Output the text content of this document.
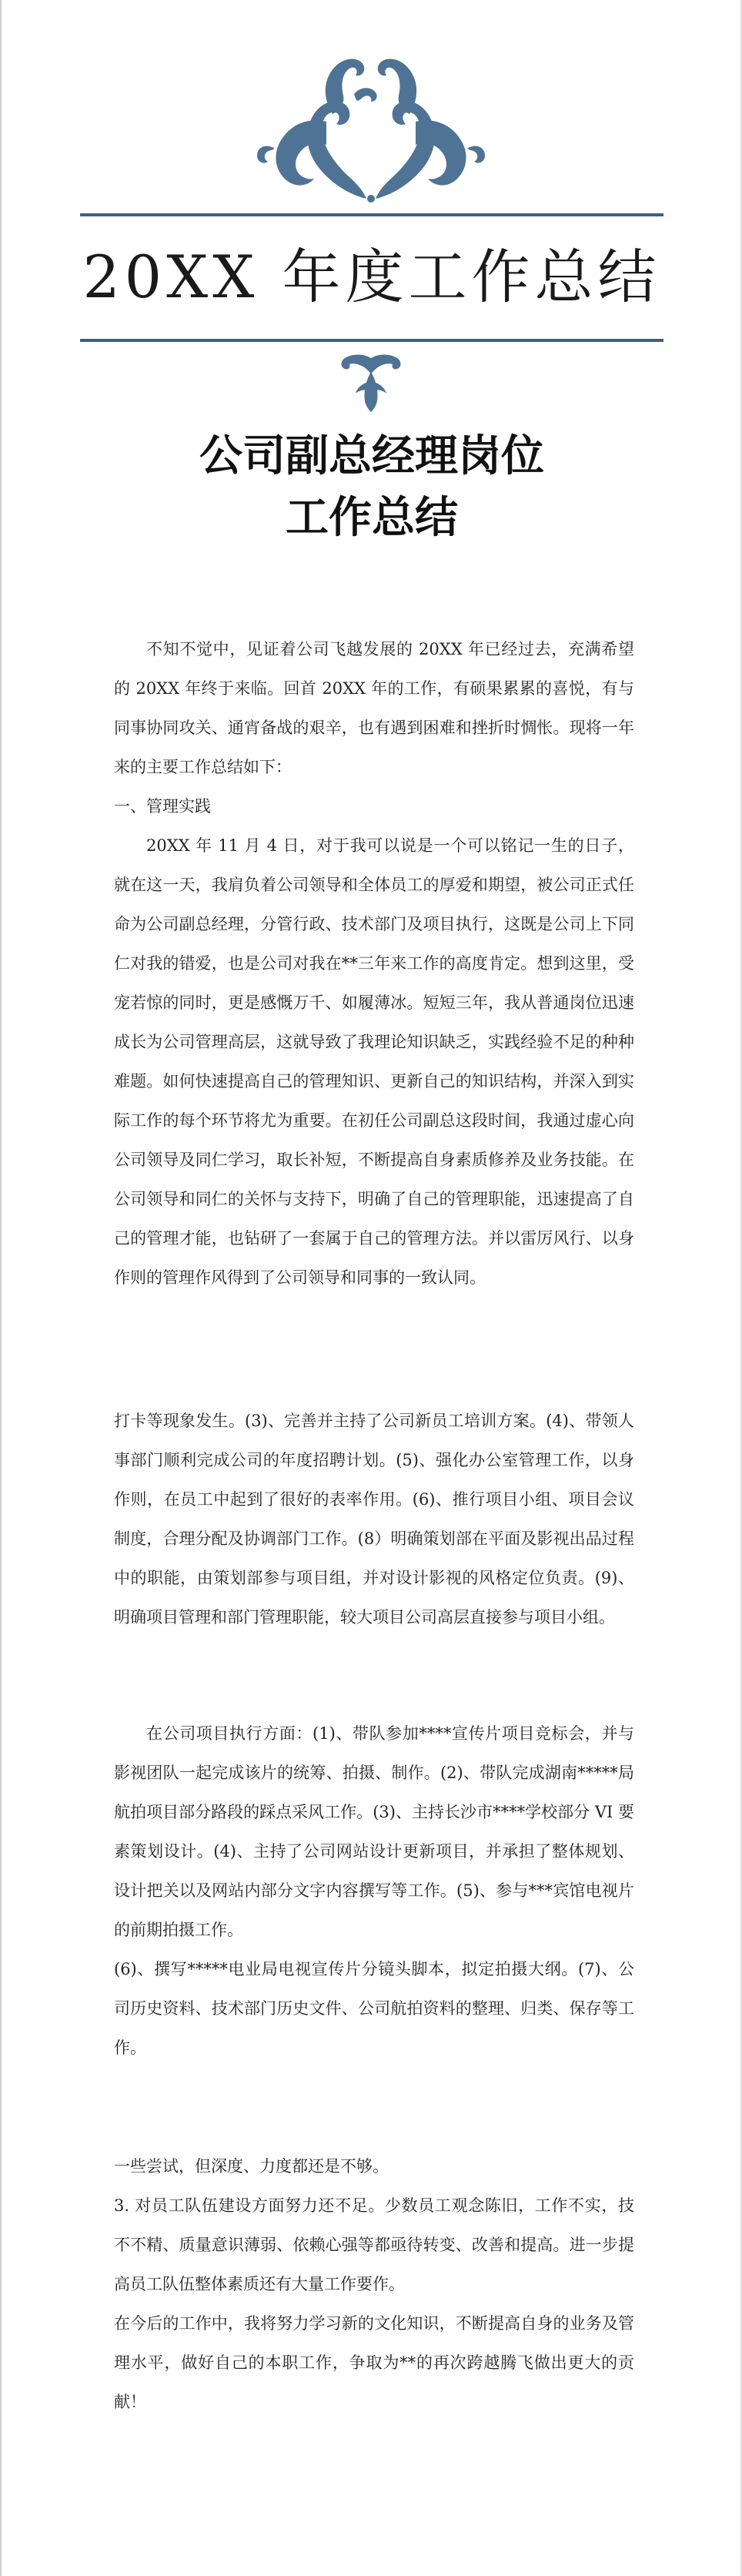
20XX 年度工作总结
公司副总经理岗位
工作总结

不知不觉中，见证着公司飞越发展的 20XX 年已经过去，充满希望的 20XX 年终于来临。回首 20XX 年的工作，有硕果累累的喜悦，有与同事协同攻关、通宵备战的艰辛，也有遇到困难和挫折时惆怅。现将一年来的主要工作总结如下：

一、管理实践

20XX 年 11 月 4 日，对于我可以说是一个可以铭记一生的日子，就在这一天，我肩负着公司领导和全体员工的厚爱和期望，被公司正式任命为公司副总经理，分管行政、技术部门及项目执行，这既是公司上下同仁对我的错爱，也是公司对我在**三年来工作的高度肯定。想到这里，受宠若惊的同时，更是感慨万千、如履薄冰。短短三年，我从普通岗位迅速成长为公司管理高层，这就导致了我理论知识缺乏，实践经验不足的种种难题。如何快速提高自己的管理知识、更新自己的知识结构，并深入到实际工作的每个环节将尤为重要。在初任公司副总这段时间，我通过虚心向公司领导及同仁学习，取长补短，不断提高自身素质修养及业务技能。在公司领导和同仁的关怀与支持下，明确了自己的管理职能，迅速提高了自己的管理才能，也钻研了一套属于自己的管理方法。并以雷厉风行、以身作则的管理作风得到了公司领导和同事的一致认同。

打卡等现象发生。(3)、完善并主持了公司新员工培训方案。(4)、带领人事部门顺利完成公司的年度招聘计划。(5)、强化办公室管理工作，以身作则，在员工中起到了很好的表率作用。(6)、推行项目小组、项目会议制度，合理分配及协调部门工作。(8）明确策划部在平面及影视出品过程中的职能，由策划部参与项目组，并对设计影视的风格定位负责。(9)、明确项目管理和部门管理职能，较大项目公司高层直接参与项目小组。

在公司项目执行方面：(1)、带队参加****宣传片项目竞标会，并与影视团队一起完成该片的统筹、拍摄、制作。(2)、带队完成湖南*****局航拍项目部分路段的踩点采风工作。(3)、主持长沙市****学校部分 VI 要素策划设计。(4)、主持了公司网站设计更新项目，并承担了整体规划、设计把关以及网站内部分文字内容撰写等工作。(5)、参与***宾馆电视片的前期拍摄工作。

(6)、撰写*****电业局电视宣传片分镜头脚本，拟定拍摄大纲。(7)、公司历史资料、技术部门历史文件、公司航拍资料的整理、归类、保存等工作。

一些尝试，但深度、力度都还是不够。

3. 对员工队伍建设方面努力还不足。少数员工观念陈旧，工作不实，技不不精、质量意识薄弱、依赖心强等都亟待转变、改善和提高。进一步提高员工队伍整体素质还有大量工作要作。

在今后的工作中，我将努力学习新的文化知识，不断提高自身的业务及管理水平，做好自己的本职工作，争取为**的再次跨越腾飞做出更大的贡献！
